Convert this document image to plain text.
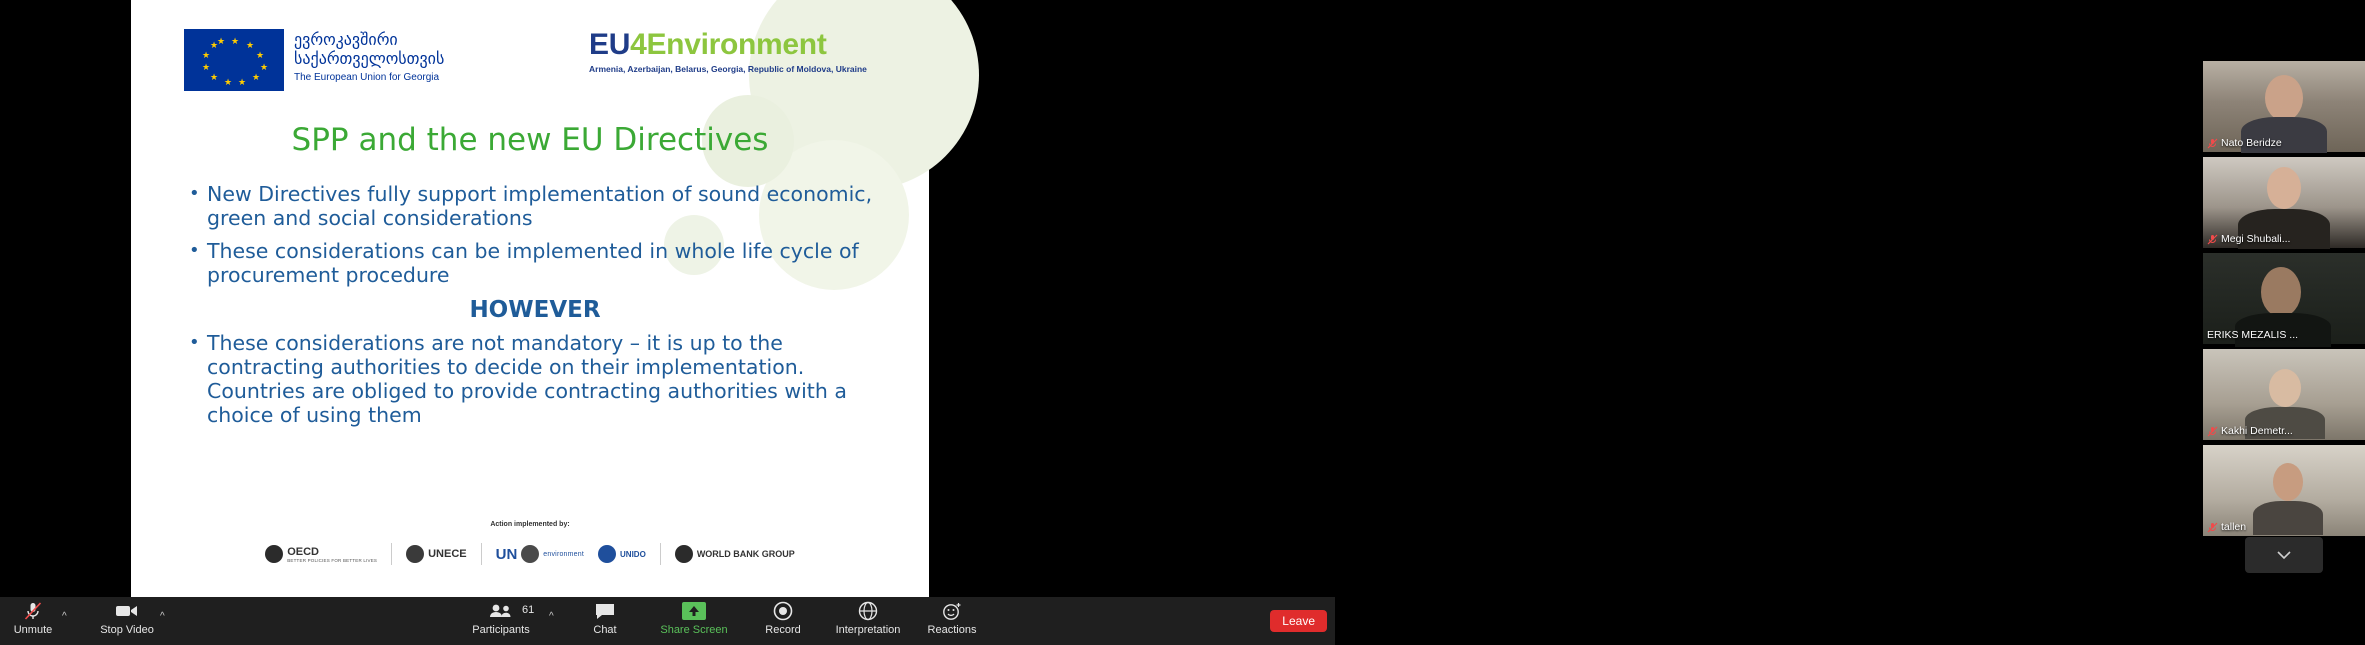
★ ★
★
★
★
★
★
★
★
★
★
★	ევროკავშირი
საქართველოსთვის
The European Union for Georgia
EU4Environment
Armenia, Azerbaijan, Belarus, Georgia, Republic of Moldova, Ukraine
SPP and the new EU Directives
• New Directives fully support implementation of sound economic, green and social considerations
• These considerations can be implemented in whole life cycle of procurement procedure
HOWEVER
• These considerations are not mandatory – it is up to the contracting authorities to decide on their implementation. Countries are obliged to provide contracting authorities with a choice of using them
Action implemented by:
OECD
BETTER POLICIES FOR BETTER LIVES	UNECE UN	environment	UNIDO	WORLD BANK GROUP
Nato Beridze
Megi Shubali...
ERIKS MEZALIS ...
Kakhi Demetr...
tallen
Unmute
^
Stop Video
^
Participants
61
^
Chat	Share Screen	Record	Interpretation Reactions
Leave
